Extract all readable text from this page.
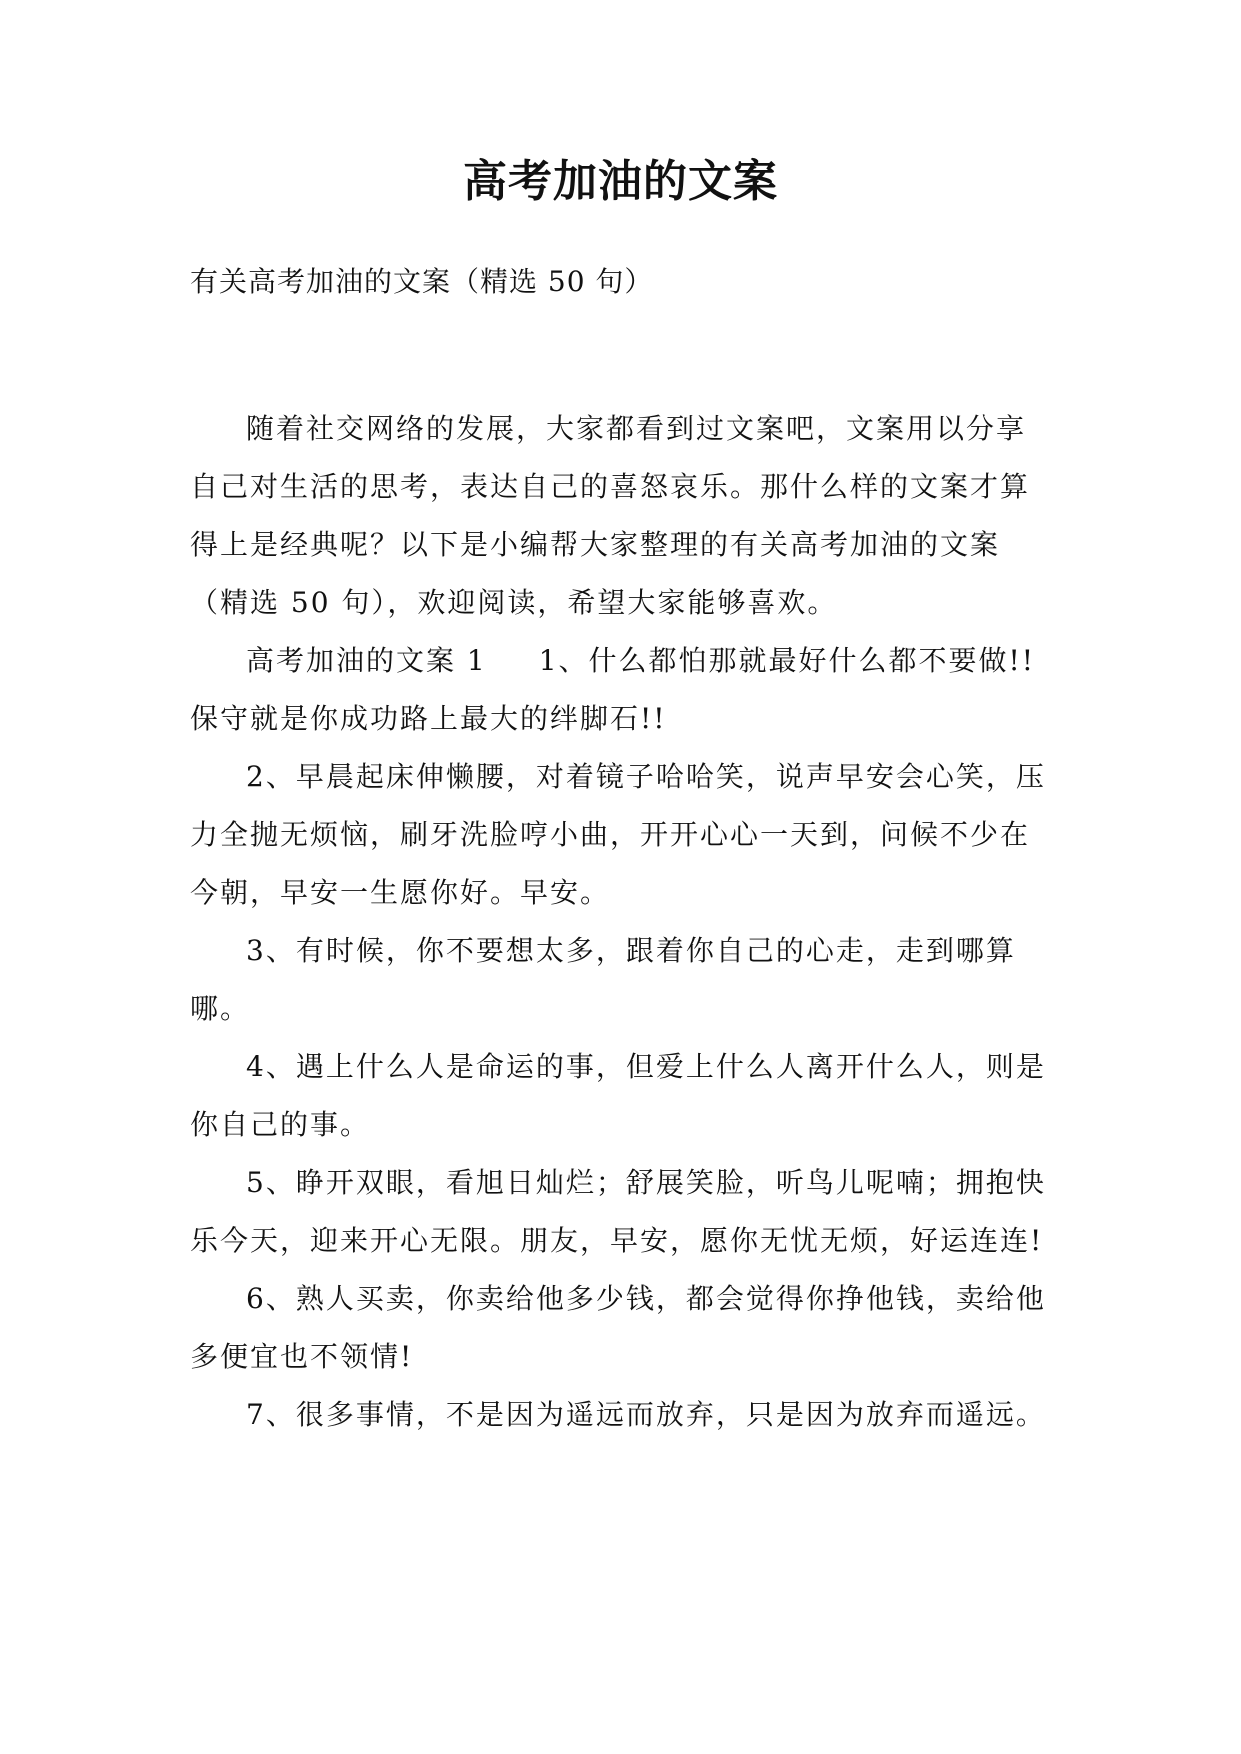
高考加油的文案
有关高考加油的文案（精选 50 句）

随着社交网络的发展，大家都看到过文案吧，文案用以分享自己对生活的思考，表达自己的喜怒哀乐。那什么样的文案才算得上是经典呢？以下是小编帮大家整理的有关高考加油的文案（精选 50 句），欢迎阅读，希望大家能够喜欢。

高考加油的文案 1 1、什么都怕那就最好什么都不要做!! 保守就是你成功路上最大的绊脚石!!

2、早晨起床伸懒腰，对着镜子哈哈笑，说声早安会心笑，压力全抛无烦恼，刷牙洗脸哼小曲，开开心心一天到，问候不少在今朝，早安一生愿你好。早安。

3、有时候，你不要想太多，跟着你自己的心走，走到哪算哪。

4、遇上什么人是命运的事，但爱上什么人离开什么人，则是你自己的事。

5、睁开双眼，看旭日灿烂；舒展笑脸，听鸟儿呢喃；拥抱快乐今天，迎来开心无限。朋友，早安，愿你无忧无烦，好运连连!

6、熟人买卖，你卖给他多少钱，都会觉得你挣他钱，卖给他多便宜也不领情!

7、很多事情，不是因为遥远而放弃，只是因为放弃而遥远。
